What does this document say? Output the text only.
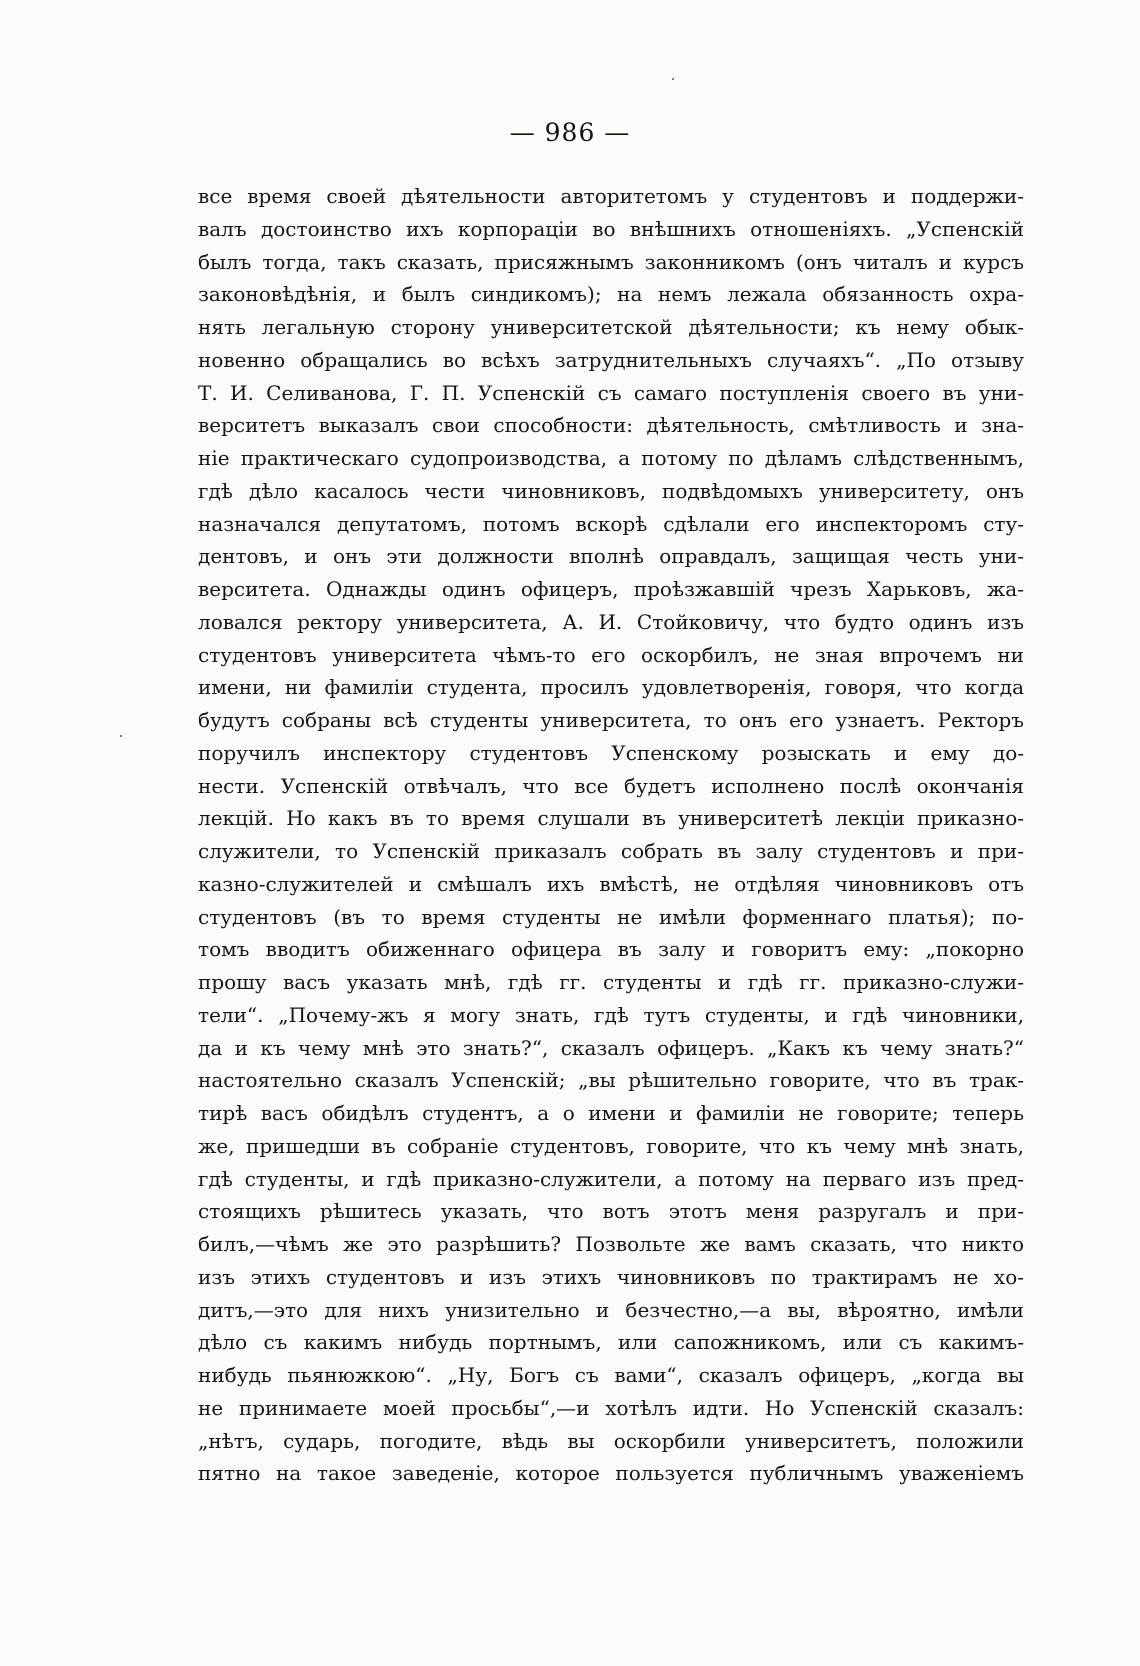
— 986 —
все время своей дѣятельности авторитетомъ у студентовъ и поддержи-
валъ достоинство ихъ корпораціи во внѣшнихъ отношеніяхъ. „Успенскій
былъ тогда, такъ сказать, присяжнымъ законникомъ (онъ читалъ и курсъ
законовѣдѣнія, и былъ синдикомъ); на немъ лежала обязанность охра-
нять легальную сторону университетской дѣятельности; къ нему обык-
новенно обращались во всѣхъ затруднительныхъ случаяхъ“. „По отзыву
Т. И. Селиванова, Г. П. Успенскій съ самаго поступленія своего въ уни-
верситетъ выказалъ свои способности: дѣятельность, смѣтливость и зна-
ніе практическаго судопроизводства, а потому по дѣламъ слѣдственнымъ,
гдѣ дѣло касалось чести чиновниковъ, подвѣдомыхъ университету, онъ
назначался депутатомъ, потомъ вскорѣ сдѣлали его инспекторомъ сту-
дентовъ, и онъ эти должности вполнѣ оправдалъ, защищая честь уни-
верситета. Однажды одинъ офицеръ, проѣзжавшій чрезъ Харьковъ, жа-
ловался ректору университета, А. И. Стойковичу, что будто одинъ изъ
студентовъ университета чѣмъ-то его оскорбилъ, не зная впрочемъ ни
имени, ни фамиліи студента, просилъ удовлетворенія, говоря, что когда
будутъ собраны всѣ студенты университета, то онъ его узнаетъ. Ректоръ
поручилъ инспектору студентовъ Успенскому розыскать и ему до-
нести. Успенскій отвѣчалъ, что все будетъ исполнено послѣ окончанія
лекцій. Но какъ въ то время слушали въ университетѣ лекціи приказно-
служители, то Успенскій приказалъ собрать въ залу студентовъ и при-
казно-служителей и смѣшалъ ихъ вмѣстѣ, не отдѣляя чиновниковъ отъ
студентовъ (въ то время студенты не имѣли форменнаго платья); по-
томъ вводитъ обиженнаго офицера въ залу и говоритъ ему: „покорно
прошу васъ указать мнѣ, гдѣ гг. студенты и гдѣ гг. приказно-служи-
тели“. „Почему-жъ я могу знать, гдѣ тутъ студенты, и гдѣ чиновники,
да и къ чему мнѣ это знать?“, сказалъ офицеръ. „Какъ къ чему знать?“
настоятельно сказалъ Успенскій; „вы рѣшительно говорите, что въ трак-
тирѣ васъ обидѣлъ студентъ, а о имени и фамиліи не говорите; теперь
же, пришедши въ собраніе студентовъ, говорите, что къ чему мнѣ знать,
гдѣ студенты, и гдѣ приказно-служители, а потому на перваго изъ пред-
стоящихъ рѣшитесь указать, что вотъ этотъ меня разругалъ и при-
билъ,—чѣмъ же это разрѣшить? Позвольте же вамъ сказать, что никто
изъ этихъ студентовъ и изъ этихъ чиновниковъ по трактирамъ не хо-
дитъ,—это для нихъ унизительно и безчестно,—а вы, вѣроятно, имѣли
дѣло съ какимъ нибудь портнымъ, или сапожникомъ, или съ какимъ-
нибудь пьянюжкою“. „Ну, Богъ съ вами“, сказалъ офицеръ, „когда вы
не принимаете моей просьбы“,—и хотѣлъ идти. Но Успенскій сказалъ:
„нѣтъ, сударь, погодите, вѣдь вы оскорбили университетъ, положили
пятно на такое заведеніе, которое пользуется публичнымъ уваженіемъ
